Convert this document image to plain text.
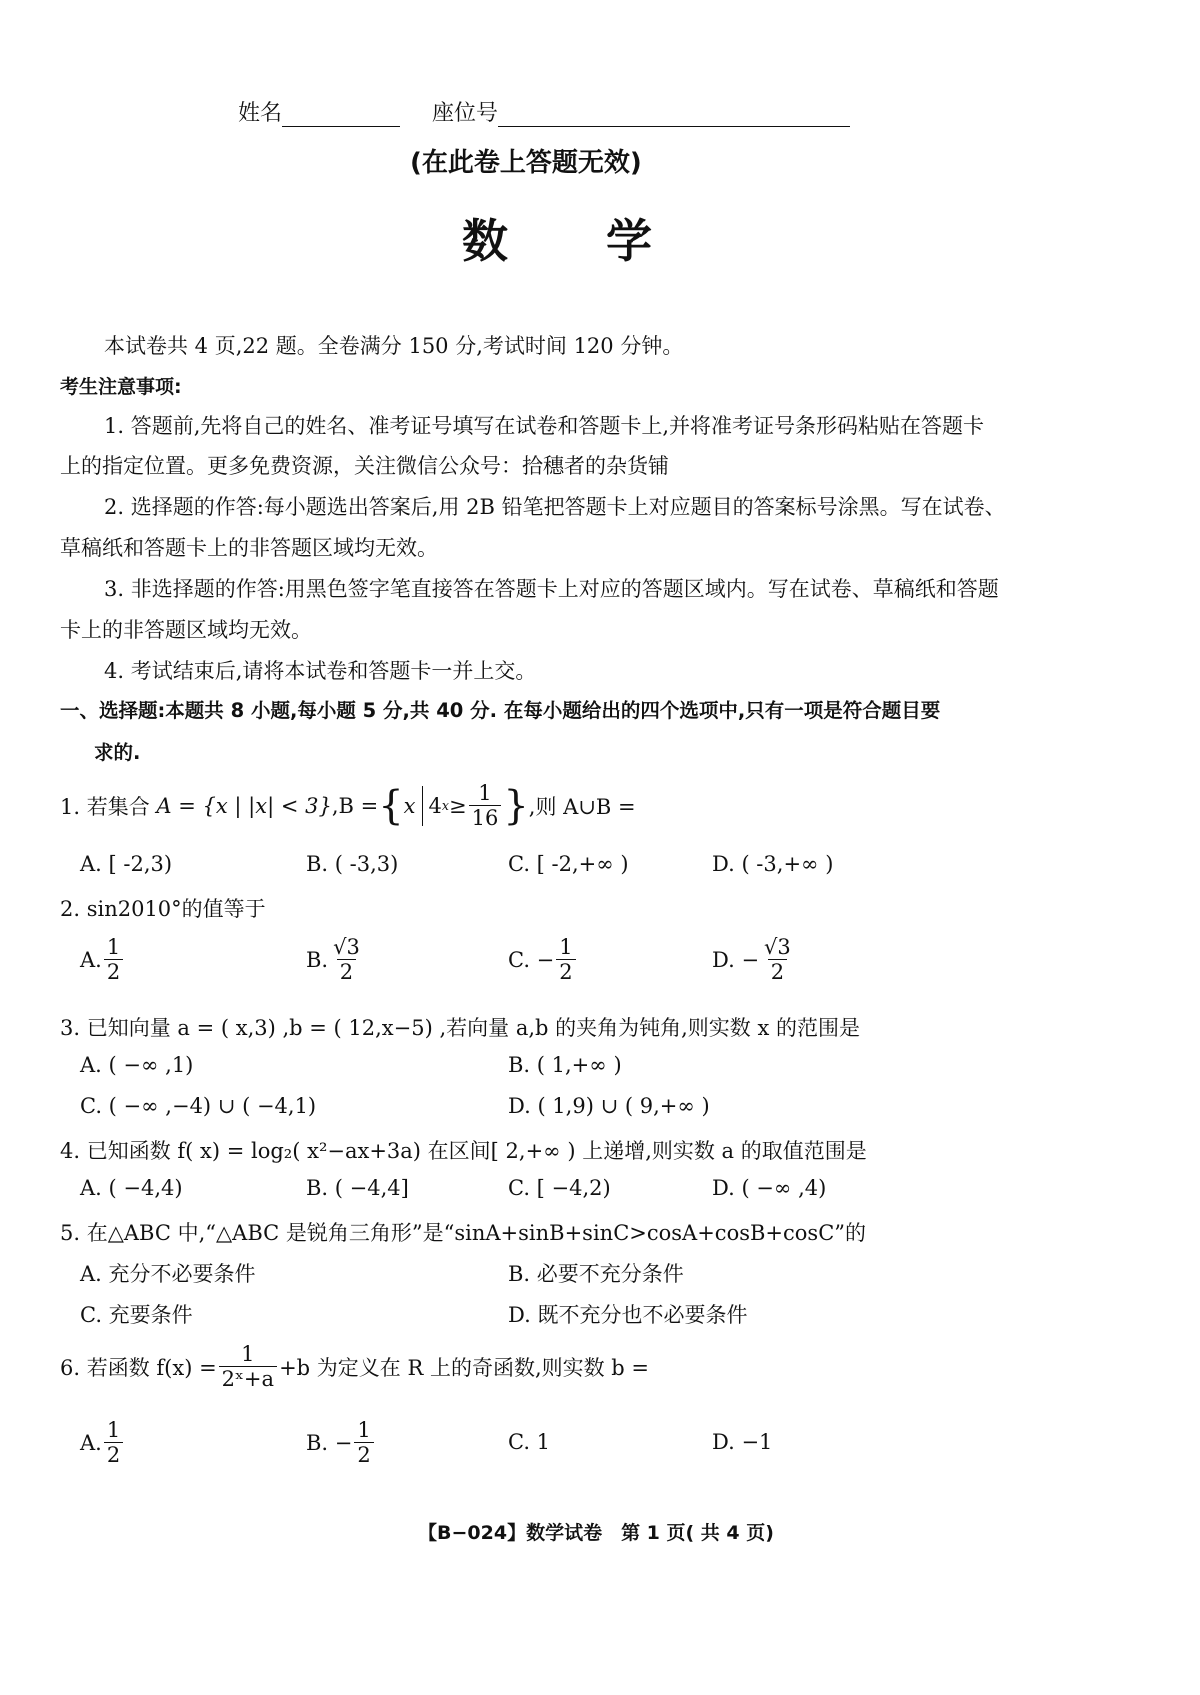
姓名	座位号
(在此卷上答题无效)
数　　学
本试卷共 4 页,22 题。全卷满分 150 分,考试时间 120 分钟。
考生注意事项:
1. 答题前,先将自己的姓名、准考证号填写在试卷和答题卡上,并将准考证号条形码粘贴在答题卡
上的指定位置。更多免费资源，关注微信公众号：拾穗者的杂货铺
2. 选择题的作答:每小题选出答案后,用 2B 铅笔把答题卡上对应题目的答案标号涂黑。写在试卷、
草稿纸和答题卡上的非答题区域均无效。
3. 非选择题的作答:用黑色签字笔直接答在答题卡上对应的答题区域内。写在试卷、草稿纸和答题
卡上的非答题区域均无效。
4. 考试结束后,请将本试卷和答题卡一并上交。
一、选择题:本题共 8 小题,每小题 5 分,共 40 分. 在每小题给出的四个选项中,只有一项是符合题目要
求的.
1. 若集合
A = {x | |x| < 3} ,B = { x 4 $x \ge \frac{1}{16}$ } ,则 A∪B =
A. [ -2,3)	B. ( -3,3)	C. [ -2,+∞ )	D. ( -3,+∞ )
2. sin2010°的值等于
A. $\frac{1}{2}$	B. $\frac{√3}{2}$	C. − $\frac{1}{2}$	D. − $\frac{√3}{2}$
3. 已知向量 a = ( x,3) ,b = ( 12,x−5) ,若向量 a,b 的夹角为钝角,则实数 x 的范围是
A. ( −∞ ,1)	B. ( 1,+∞ )
C. ( −∞ ,−4) ∪ ( −4,1)	D. ( 1,9) ∪ ( 9,+∞ )
4. 已知函数 f( x) = log₂( x²−ax+3a) 在区间[ 2,+∞ ) 上递增,则实数 a 的取值范围是
A. ( −4,4)	B. ( −4,4]	C. [ −4,2)	D. ( −∞ ,4)
5. 在△ABC 中,“△ABC 是锐角三角形”是“sinA+sinB+sinC>cosA+cosB+cosC”的
A. 充分不必要条件	B. 必要不充分条件
C. 充要条件	D. 既不充分也不必要条件
6. 若函数 $f(x) = \frac{1}{\text{2ˣ+a}} +b$ 为定义在 R 上的奇函数,则实数 b =
A. $\frac{1}{2}$	B. − $\frac{1}{2}$	C. 1	D. −1
【B−024】数学试卷　第 1 页( 共 4 页)
